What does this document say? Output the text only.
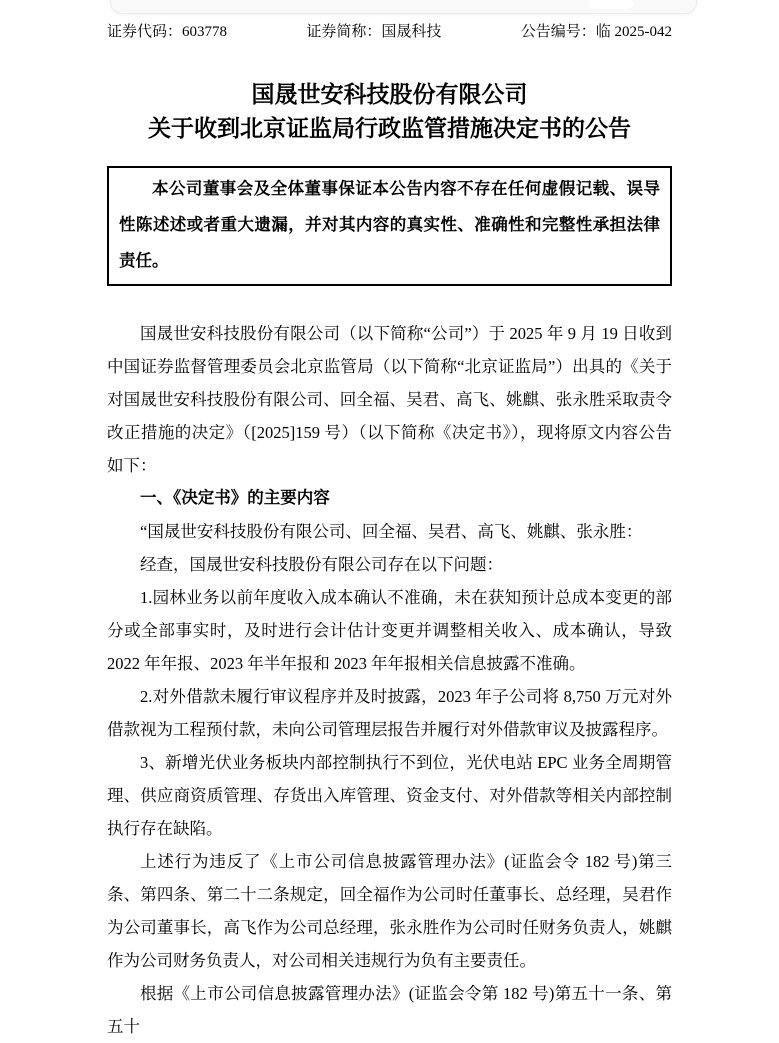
证券代码：603778	证券简称：国晟科技	公告编号：临 2025-042
国晟世安科技股份有限公司
关于收到北京证监局行政监管措施决定书的公告
本公司董事会及全体董事保证本公告内容不存在任何虚假记载、误导性陈述述或者重大遗漏，并对其内容的真实性、准确性和完整性承担法律责任。

国晟世安科技股份有限公司（以下简称“公司”）于 2025 年 9 月 19 日收到中国证券监督管理委员会北京监管局（以下简称“北京证监局”）出具的《关于对国晟世安科技股份有限公司、回全福、吴君、高飞、姚麒、张永胜采取责令改正措施的决定》（[2025]159 号）（以下简称《决定书》），现将原文内容公告如下：

一、《决定书》的主要内容

“国晟世安科技股份有限公司、回全福、吴君、高飞、姚麒、张永胜：

经查，国晟世安科技股份有限公司存在以下问题：

1.园林业务以前年度收入成本确认不准确，未在获知预计总成本变更的部分或全部事实时，及时进行会计估计变更并调整相关收入、成本确认，导致 2022 年年报、2023 年半年报和 2023 年年报相关信息披露不准确。

2.对外借款未履行审议程序并及时披露，2023 年子公司将 8,750 万元对外借款视为工程预付款，未向公司管理层报告并履行对外借款审议及披露程序。

3、新增光伏业务板块内部控制执行不到位，光伏电站 EPC 业务全周期管理、供应商资质管理、存货出入库管理、资金支付、对外借款等相关内部控制执行存在缺陷。

上述行为违反了《上市公司信息披露管理办法》(证监会令 182 号)第三条、第四条、第二十二条规定，回全福作为公司时任董事长、总经理，吴君作为公司董事长，高飞作为公司总经理，张永胜作为公司时任财务负责人，姚麒作为公司财务负责人，对公司相关违规行为负有主要责任。

根据《上市公司信息披露管理办法》(证监会令第 182 号)第五十一条、第五十
